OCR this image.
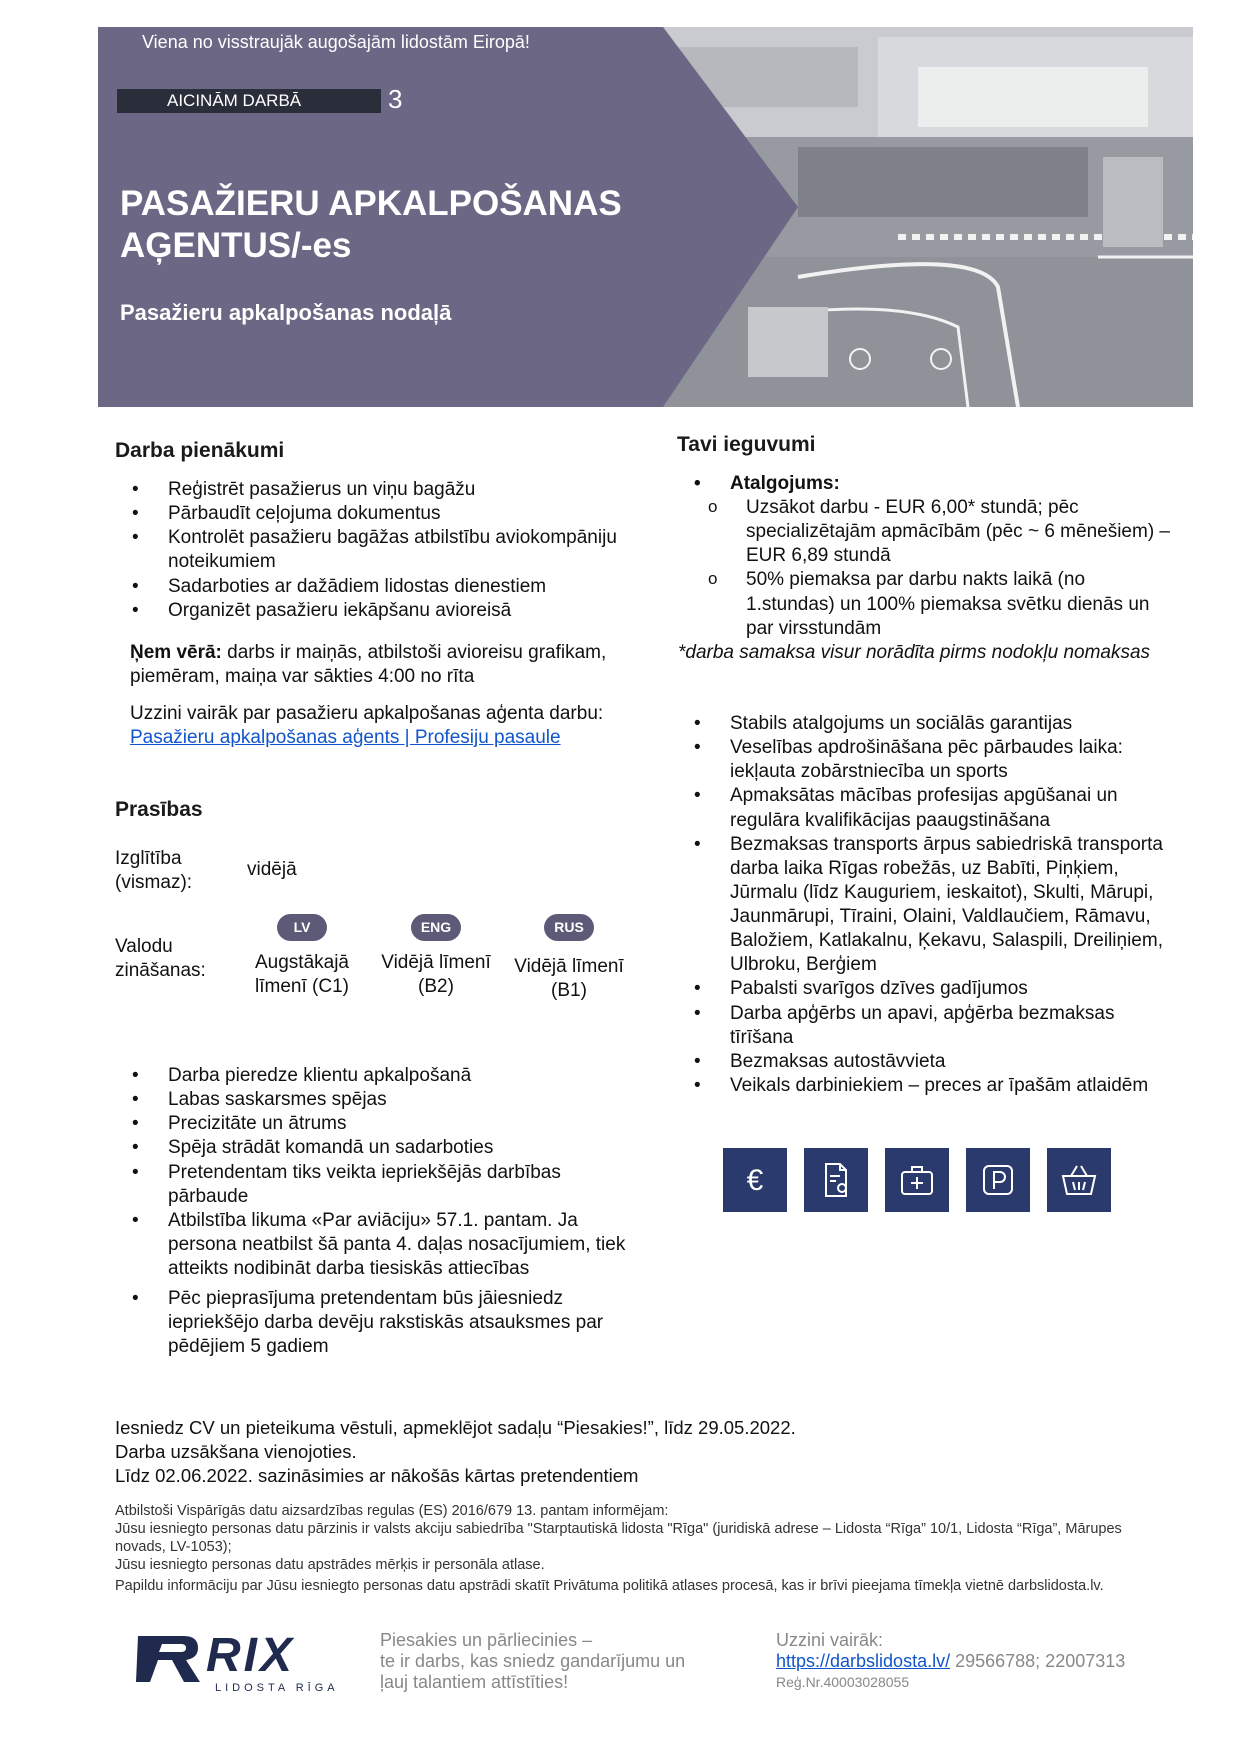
Viena no visstraujāk augošajām lidostām Eiropā!
AICINĀM DARBĀ	3
PASAŽIERU APKALPOŠANAS
AĢENTUS/-es
Pasažieru apkalpošanas nodaļā
Darba pienākumi
• Reģistrēt pasažierus un viņu bagāžu
• Pārbaudīt ceļojuma dokumentus
• Kontrolēt pasažieru bagāžas atbilstību aviokompāniju noteikumiem
• Sadarboties ar dažādiem lidostas dienestiem
• Organizēt pasažieru iekāpšanu avioreisā

Ņem vērā: darbs ir maiņās, atbilstoši avioreisu grafikam, piemēram, maiņa var sākties 4:00 no rīta

Uzzini vairāk par pasažieru apkalpošanas aģenta darbu: Pasažieru apkalpošanas aģents | Profesiju pasaule

Prasības
Izglītība (vismaz):
vidējā
Valodu zināšanas:
LV
Augstākajā līmenī (C1)
ENG
Vidējā līmenī (B2)
RUS
Vidējā līmenī (B1)
• Darba pieredze klientu apkalpošanā
• Labas saskarsmes spējas
• Precizitāte un ātrums
• Spēja strādāt komandā un sadarboties
• Pretendentam tiks veikta iepriekšējās darbības pārbaude
• Atbilstība likuma «Par aviāciju» 57.1. pantam. Ja persona neatbilst šā panta 4. daļas nosacījumiem, tiek atteikts nodibināt darba tiesiskās attiecības
• Pēc pieprasījuma pretendentam būs jāiesniedz iepriekšējo darba devēju rakstiskās atsauksmes par pēdējiem 5 gadiem
Tavi ieguvumi
• Atalgojums:
o Uzsākot darbu - EUR 6,00* stundā; pēc specializētajām apmācībām (pēc ~ 6 mēnešiem) – EUR 6,89 stundā
o 50% piemaksa par darbu nakts laikā (no 1.stundas) un 100% piemaksa svētku dienās un par virsstundām

*darba samaksa visur norādīta pirms nodokļu nomaksas

• Stabils atalgojums un sociālās garantijas
• Veselības apdrošināšana pēc pārbaudes laika: iekļauta zobārstniecība un sports
• Apmaksātas mācības profesijas apgūšanai un regulāra kvalifikācijas paaugstināšana
• Bezmaksas transports ārpus sabiedriskā transporta darba laika Rīgas robežās, uz Babīti, Piņķiem, Jūrmalu (līdz Kauguriem, ieskaitot), Skulti, Mārupi, Jaunmārupi, Tīraini, Olaini, Valdlaučiem, Rāmavu, Baložiem, Katlakalnu, Ķekavu, Salaspili, Dreiliņiem, Ulbroku, Berģiem
• Pabalsti svarīgos dzīves gadījumos
• Darba apģērbs un apavi, apģērba bezmaksas tīrīšana
• Bezmaksas autostāvvieta
• Veikals darbiniekiem – preces ar īpašām atlaidēm
€
Iesniedz CV un pieteikuma vēstuli, apmeklējot sadaļu “Piesakies!”, līdz 29.05.2022.
Darba uzsākšana vienojoties.
Līdz 02.06.2022. sazināsimies ar nākošās kārtas pretendentiem
Atbilstoši Vispārīgās datu aizsardzības regulas (ES) 2016/679 13. pantam informējam:
Jūsu iesniegto personas datu pārzinis ir valsts akciju sabiedrība "Starptautiskā lidosta "Rīga" (juridiskā adrese – Lidosta “Rīga” 10/1, Lidosta “Rīga”, Mārupes novads, LV-1053);
Jūsu iesniegto personas datu apstrādes mērķis ir personāla atlase.
Papildu informāciju par Jūsu iesniegto personas datu apstrādi skatīt Privātuma politikā atlases procesā, kas ir brīvi pieejama tīmekļa vietnē darbslidosta.lv.
RIX
LIDOSTA RĪGA
Piesakies un pārliecinies –
te ir darbs, kas sniedz gandarījumu un
ļauj talantiem attīstīties!
Uzzini vairāk:
https://darbslidosta.lv/ 29566788; 22007313
Reģ.Nr.40003028055
